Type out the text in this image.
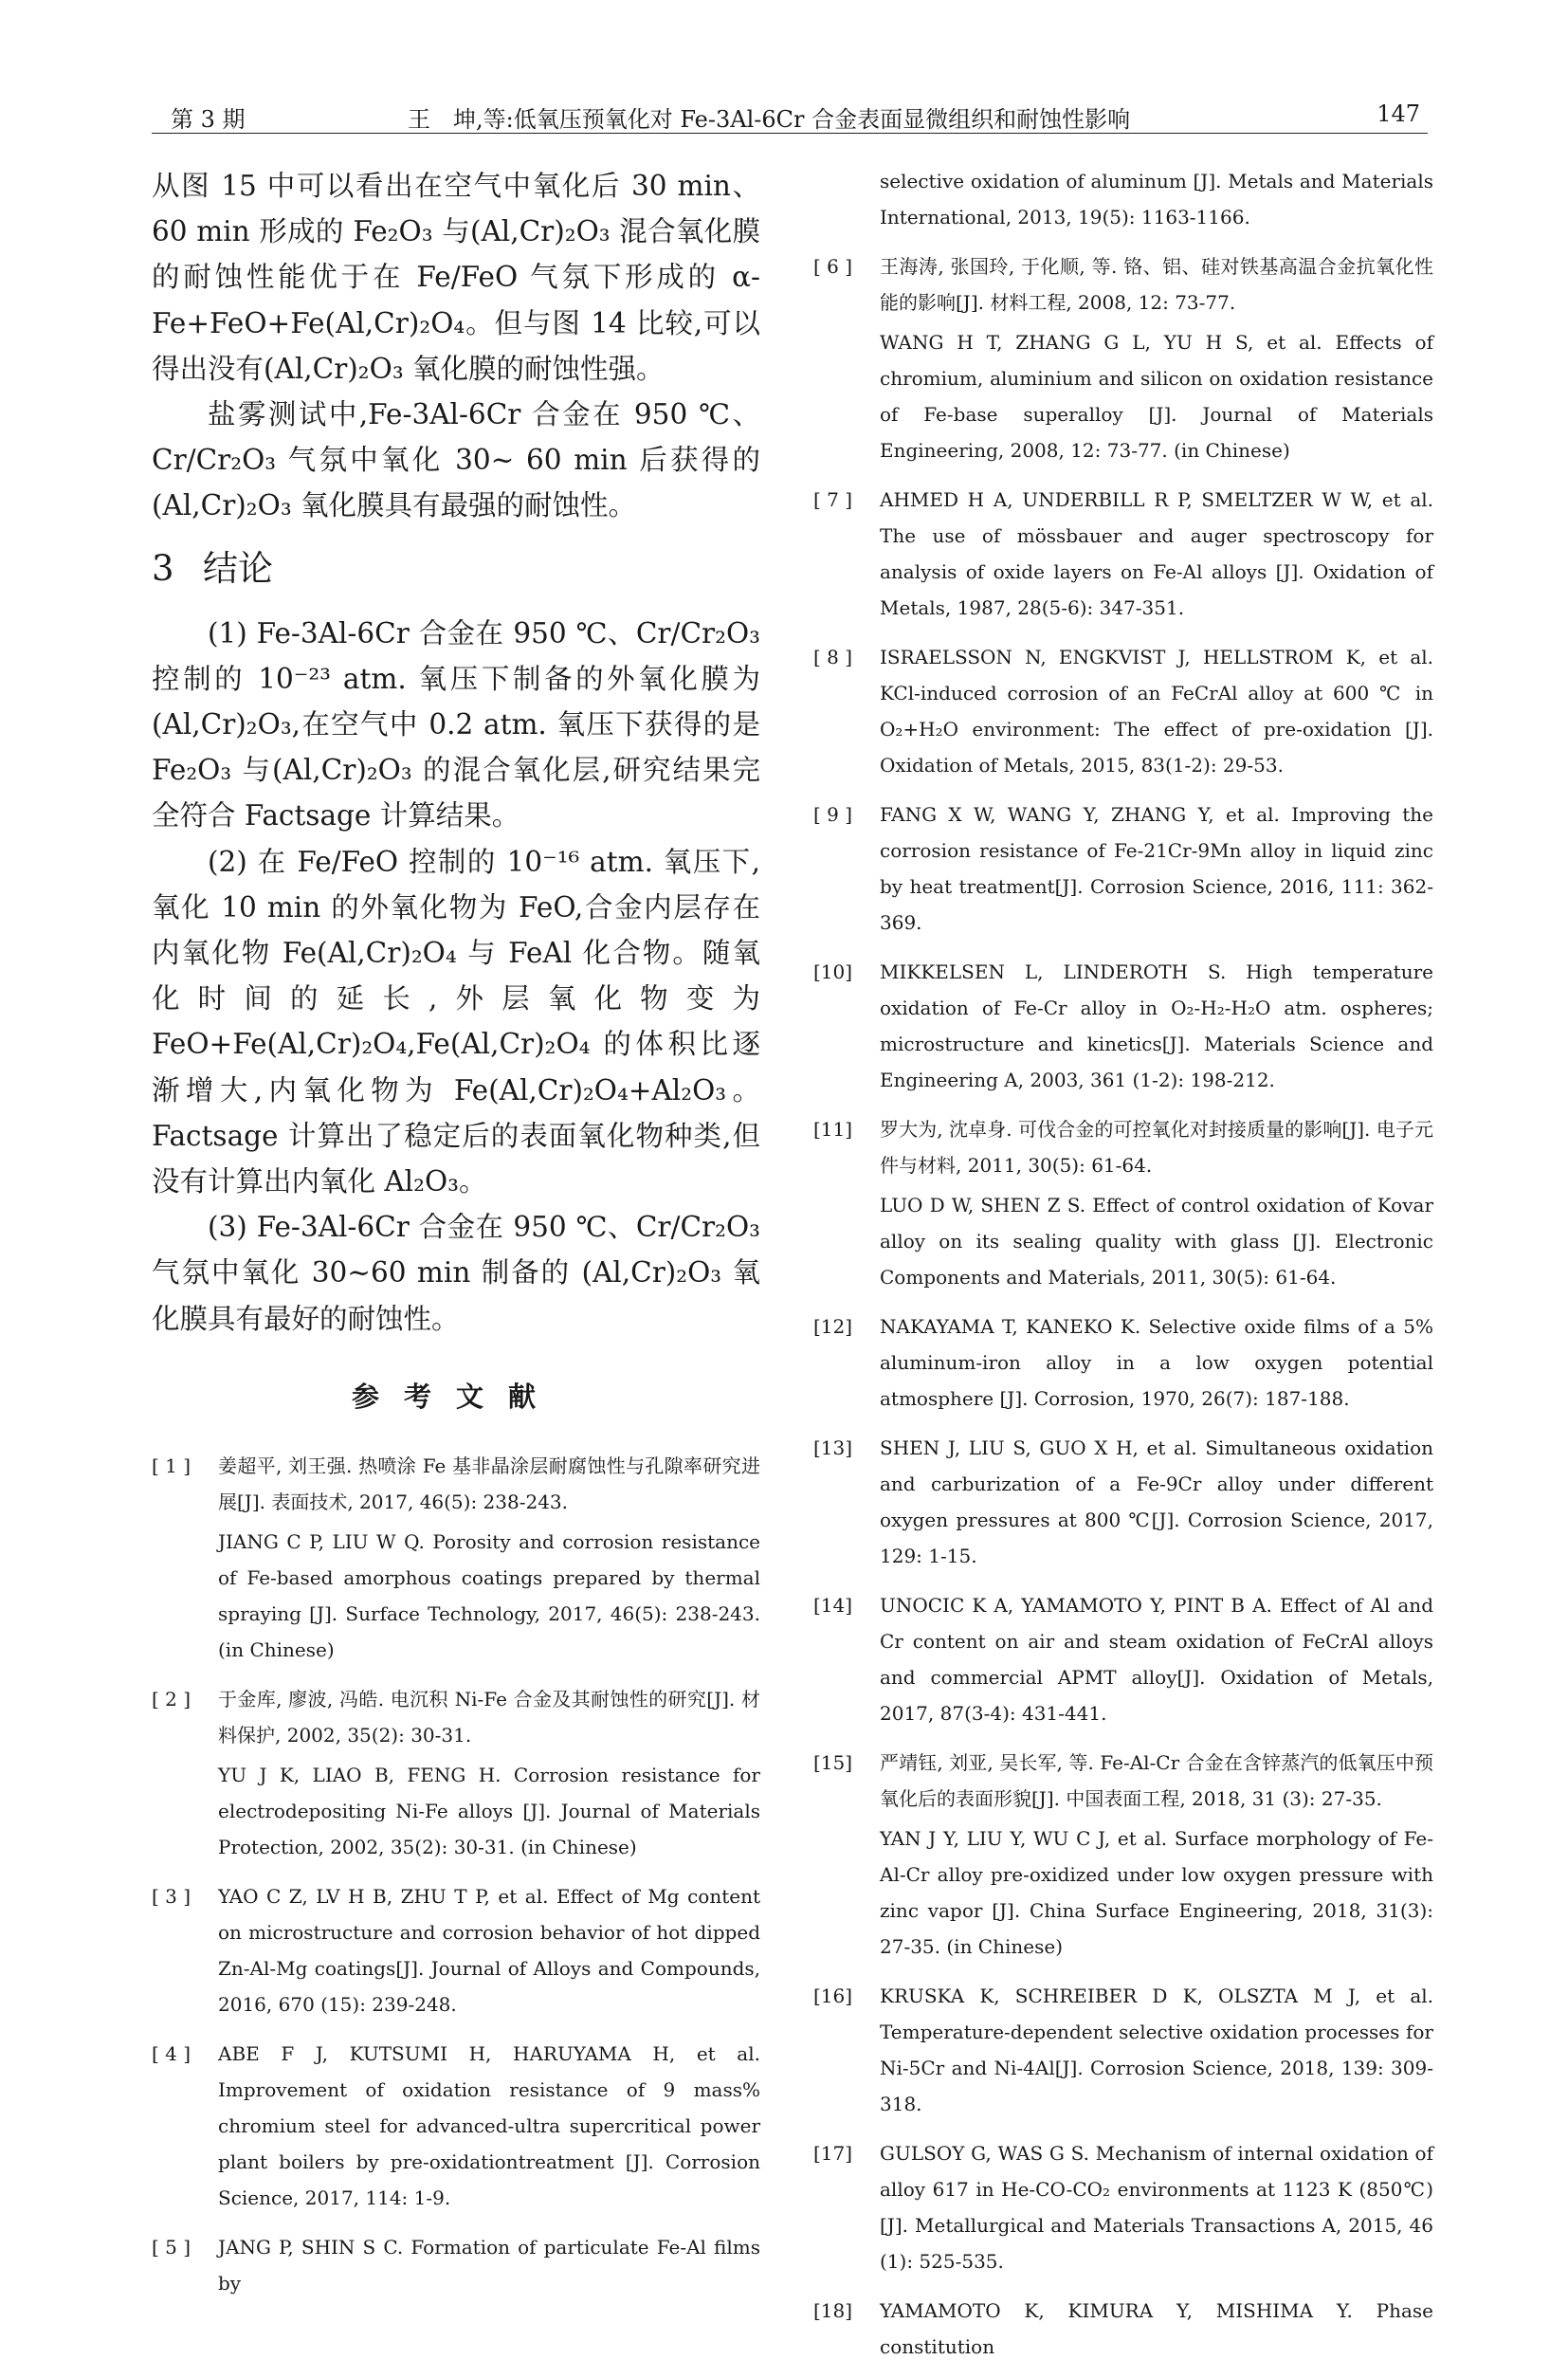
第 3 期	王　坤,等:低氧压预氧化对 Fe-3Al-6Cr 合金表面显微组织和耐蚀性影响	147

从图 15 中可以看出在空气中氧化后 30 min、60 min 形成的 Fe₂O₃ 与(Al,Cr)₂O₃ 混合氧化膜的耐蚀性能优于在 Fe/FeO 气氛下形成的 α-Fe+FeO+Fe(Al,Cr)₂O₄。但与图 14 比较,可以得出没有(Al,Cr)₂O₃ 氧化膜的耐蚀性强。

盐雾测试中,Fe-3Al-6Cr 合金在 950 ℃、Cr/Cr₂O₃ 气氛中氧化 30~ 60 min 后获得的(Al,Cr)₂O₃ 氧化膜具有最强的耐蚀性。

3 结论

(1) Fe-3Al-6Cr 合金在 950 ℃、Cr/Cr₂O₃ 控制的 10⁻²³ atm. 氧压下制备的外氧化膜为(Al,Cr)₂O₃,在空气中 0.2 atm. 氧压下获得的是 Fe₂O₃ 与(Al,Cr)₂O₃ 的混合氧化层,研究结果完全符合 Factsage 计算结果。

(2) 在 Fe/FeO 控制的 10⁻¹⁶ atm. 氧压下,氧化 10 min 的外氧化物为 FeO,合金内层存在内氧化物 Fe(Al,Cr)₂O₄ 与 FeAl 化合物。随氧化时间的延长,外层氧化物变为 FeO+Fe(Al,Cr)₂O₄,Fe(Al,Cr)₂O₄ 的体积比逐渐增大,内氧化物为 Fe(Al,Cr)₂O₄+Al₂O₃。Factsage 计算出了稳定后的表面氧化物种类,但没有计算出内氧化 Al₂O₃。

(3) Fe-3Al-6Cr 合金在 950 ℃、Cr/Cr₂O₃ 气氛中氧化 30~60 min 制备的 (Al,Cr)₂O₃ 氧化膜具有最好的耐蚀性。

参考文献
[ 1 ]	姜超平, 刘王强. 热喷涂 Fe 基非晶涂层耐腐蚀性与孔隙率研究进展[J]. 表面技术, 2017, 46(5): 238-243.

JIANG C P, LIU W Q. Porosity and corrosion resistance of Fe-based amorphous coatings prepared by thermal spraying [J]. Surface Technology, 2017, 46(5): 238-243. (in Chinese)

[ 2 ]	于金库, 廖波, 冯皓. 电沉积 Ni-Fe 合金及其耐蚀性的研究[J]. 材料保护, 2002, 35(2): 30-31.

YU J K, LIAO B, FENG H. Corrosion resistance for electrodepositing Ni-Fe alloys [J]. Journal of Materials Protection, 2002, 35(2): 30-31. (in Chinese)

[ 3 ]	YAO C Z, LV H B, ZHU T P, et al. Effect of Mg content on microstructure and corrosion behavior of hot dipped Zn-Al-Mg coatings[J]. Journal of Alloys and Compounds, 2016, 670 (15): 239-248.

[ 4 ]	ABE F J, KUTSUMI H, HARUYAMA H, et al. Improvement of oxidation resistance of 9 mass% chromium steel for advanced-ultra supercritical power plant boilers by pre-oxidationtreatment [J]. Corrosion Science, 2017, 114: 1-9.

[ 5 ]	JANG P, SHIN S C. Formation of particulate Fe-Al films by

selective oxidation of aluminum [J]. Metals and Materials International, 2013, 19(5): 1163-1166.

[ 6 ]	王海涛, 张国玲, 于化顺, 等. 铬、铝、硅对铁基高温合金抗氧化性能的影响[J]. 材料工程, 2008, 12: 73-77.

WANG H T, ZHANG G L, YU H S, et al. Effects of chromium, aluminium and silicon on oxidation resistance of Fe-base superalloy [J]. Journal of Materials Engineering, 2008, 12: 73-77. (in Chinese)

[ 7 ]	AHMED H A, UNDERBILL R P, SMELTZER W W, et al. The use of mössbauer and auger spectroscopy for analysis of oxide layers on Fe-Al alloys [J]. Oxidation of Metals, 1987, 28(5-6): 347-351.

[ 8 ]	ISRAELSSON N, ENGKVIST J, HELLSTROM K, et al. KCl-induced corrosion of an FeCrAl alloy at 600 ℃ in O₂+H₂O environment: The effect of pre-oxidation [J]. Oxidation of Metals, 2015, 83(1-2): 29-53.

[ 9 ]	FANG X W, WANG Y, ZHANG Y, et al. Improving the corrosion resistance of Fe-21Cr-9Mn alloy in liquid zinc by heat treatment[J]. Corrosion Science, 2016, 111: 362-369.

[10]	MIKKELSEN L, LINDEROTH S. High temperature oxidation of Fe-Cr alloy in O₂-H₂-H₂O atm. ospheres; microstructure and kinetics[J]. Materials Science and Engineering A, 2003, 361 (1-2): 198-212.

[11]	罗大为, 沈卓身. 可伐合金的可控氧化对封接质量的影响[J]. 电子元件与材料, 2011, 30(5): 61-64.

LUO D W, SHEN Z S. Effect of control oxidation of Kovar alloy on its sealing quality with glass [J]. Electronic Components and Materials, 2011, 30(5): 61-64.

[12]	NAKAYAMA T, KANEKO K. Selective oxide films of a 5% aluminum-iron alloy in a low oxygen potential atmosphere [J]. Corrosion, 1970, 26(7): 187-188.

[13]	SHEN J, LIU S, GUO X H, et al. Simultaneous oxidation and carburization of a Fe-9Cr alloy under different oxygen pressures at 800 ℃[J]. Corrosion Science, 2017, 129: 1-15.

[14]	UNOCIC K A, YAMAMOTO Y, PINT B A. Effect of Al and Cr content on air and steam oxidation of FeCrAl alloys and commercial APMT alloy[J]. Oxidation of Metals, 2017, 87(3-4): 431-441.

[15]	严靖钰, 刘亚, 吴长军, 等. Fe-Al-Cr 合金在含锌蒸汽的低氧压中预氧化后的表面形貌[J]. 中国表面工程, 2018, 31 (3): 27-35.

YAN J Y, LIU Y, WU C J, et al. Surface morphology of Fe-Al-Cr alloy pre-oxidized under low oxygen pressure with zinc vapor [J]. China Surface Engineering, 2018, 31(3): 27-35. (in Chinese)

[16]	KRUSKA K, SCHREIBER D K, OLSZTA M J, et al. Temperature-dependent selective oxidation processes for Ni-5Cr and Ni-4Al[J]. Corrosion Science, 2018, 139: 309-318.

[17]	GULSOY G, WAS G S. Mechanism of internal oxidation of alloy 617 in He-CO-CO₂ environments at 1123 K (850℃) [J]. Metallurgical and Materials Transactions A, 2015, 46 (1): 525-535.

[18]	YAMAMOTO K, KIMURA Y, MISHIMA Y. Phase constitution
